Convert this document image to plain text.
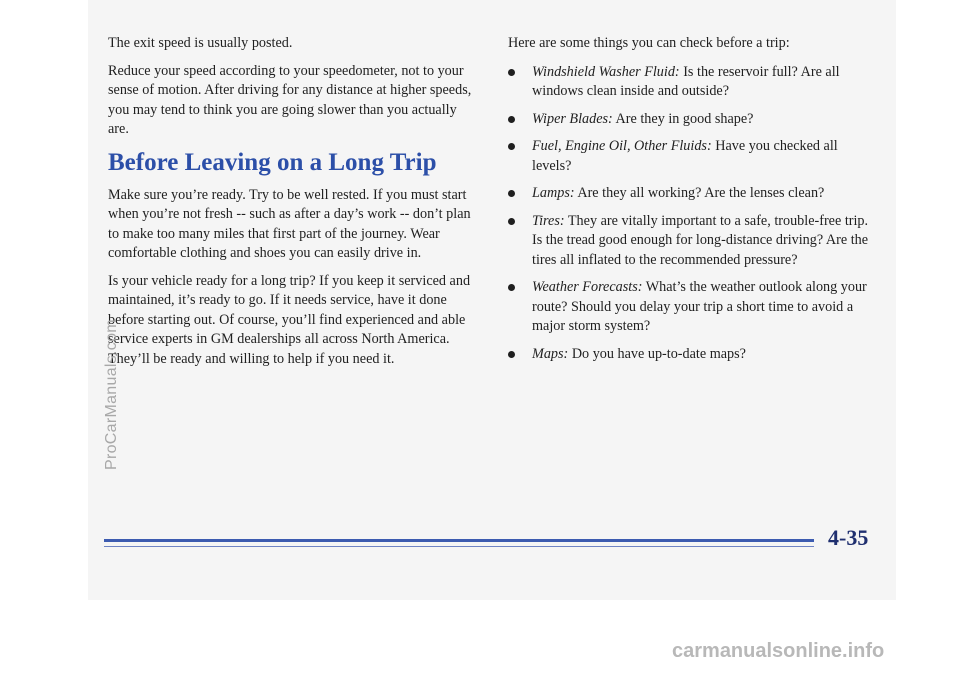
The exit speed is usually posted.

Reduce your speed according to your speedometer, not to your sense of motion. After driving for any distance at higher speeds, you may tend to think you are going slower than you actually are.

Before Leaving on a Long Trip

Make sure you’re ready. Try to be well rested. If you must start when you’re not fresh -- such as after a day’s work -- don’t plan to make too many miles that first part of the journey. Wear comfortable clothing and shoes you can easily drive in.

Is your vehicle ready for a long trip? If you keep it serviced and maintained, it’s ready to go. If it needs service, have it done before starting out. Of course, you’ll find experienced and able service experts in GM dealerships all across North America. They’ll be ready and willing to help if you need it.

Here are some things you can check before a trip:

Windshield Washer Fluid: Is the reservoir full? Are all windows clean inside and outside?
Wiper Blades: Are they in good shape?
Fuel, Engine Oil, Other Fluids: Have you checked all levels?
Lamps: Are they all working? Are the lenses clean?
Tires: They are vitally important to a safe, trouble-free trip. Is the tread good enough for long-distance driving? Are the tires all inflated to the recommended pressure?
Weather Forecasts: What’s the weather outlook along your route? Should you delay your trip a short time to avoid a major storm system?
Maps: Do you have up-to-date maps?
4-35
ProCarManuals.com
carmanualsonline.info
